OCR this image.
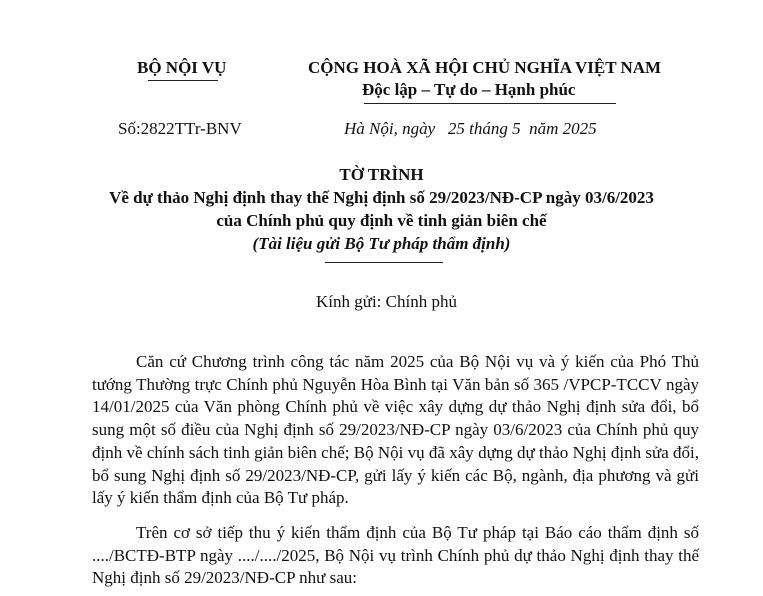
BỘ NỘI VỤ	CỘNG HOÀ XÃ HỘI CHỦ NGHĨA VIỆT NAM
Độc lập – Tự do – Hạnh phúc
Số:2822TTr-BNV	Hà Nội, ngày   25 tháng 5  năm 2025
TỜ TRÌNH
Về dự thảo Nghị định thay thế Nghị định số 29/2023/NĐ-CP ngày 03/6/2023
của Chính phủ quy định về tinh giản biên chế
(Tài liệu gửi Bộ Tư pháp thẩm định)
Kính gửi: Chính phủ
Căn cứ Chương trình công tác năm 2025 của Bộ Nội vụ và ý kiến của Phó Thủ tướng Thường trực Chính phủ Nguyễn Hòa Bình tại Văn bản số 365 /VPCP-TCCV ngày 14/01/2025 của Văn phòng Chính phủ về việc xây dựng dự thảo Nghị định sửa đổi, bổ sung một số điều của Nghị định số 29/2023/NĐ-CP ngày 03/6/2023 của Chính phủ quy định về chính sách tinh giản biên chế; Bộ Nội vụ đã xây dựng dự thảo Nghị định sửa đổi, bổ sung Nghị định số 29/2023/NĐ-CP, gửi lấy ý kiến các Bộ, ngành, địa phương và gửi lấy ý kiến thẩm định của Bộ Tư pháp.
Trên cơ sở tiếp thu ý kiến thẩm định của Bộ Tư pháp tại Báo cáo thẩm định số ..../BCTĐ-BTP ngày ..../..../2025, Bộ Nội vụ trình Chính phủ dự thảo Nghị định thay thế Nghị định số 29/2023/NĐ-CP như sau:
